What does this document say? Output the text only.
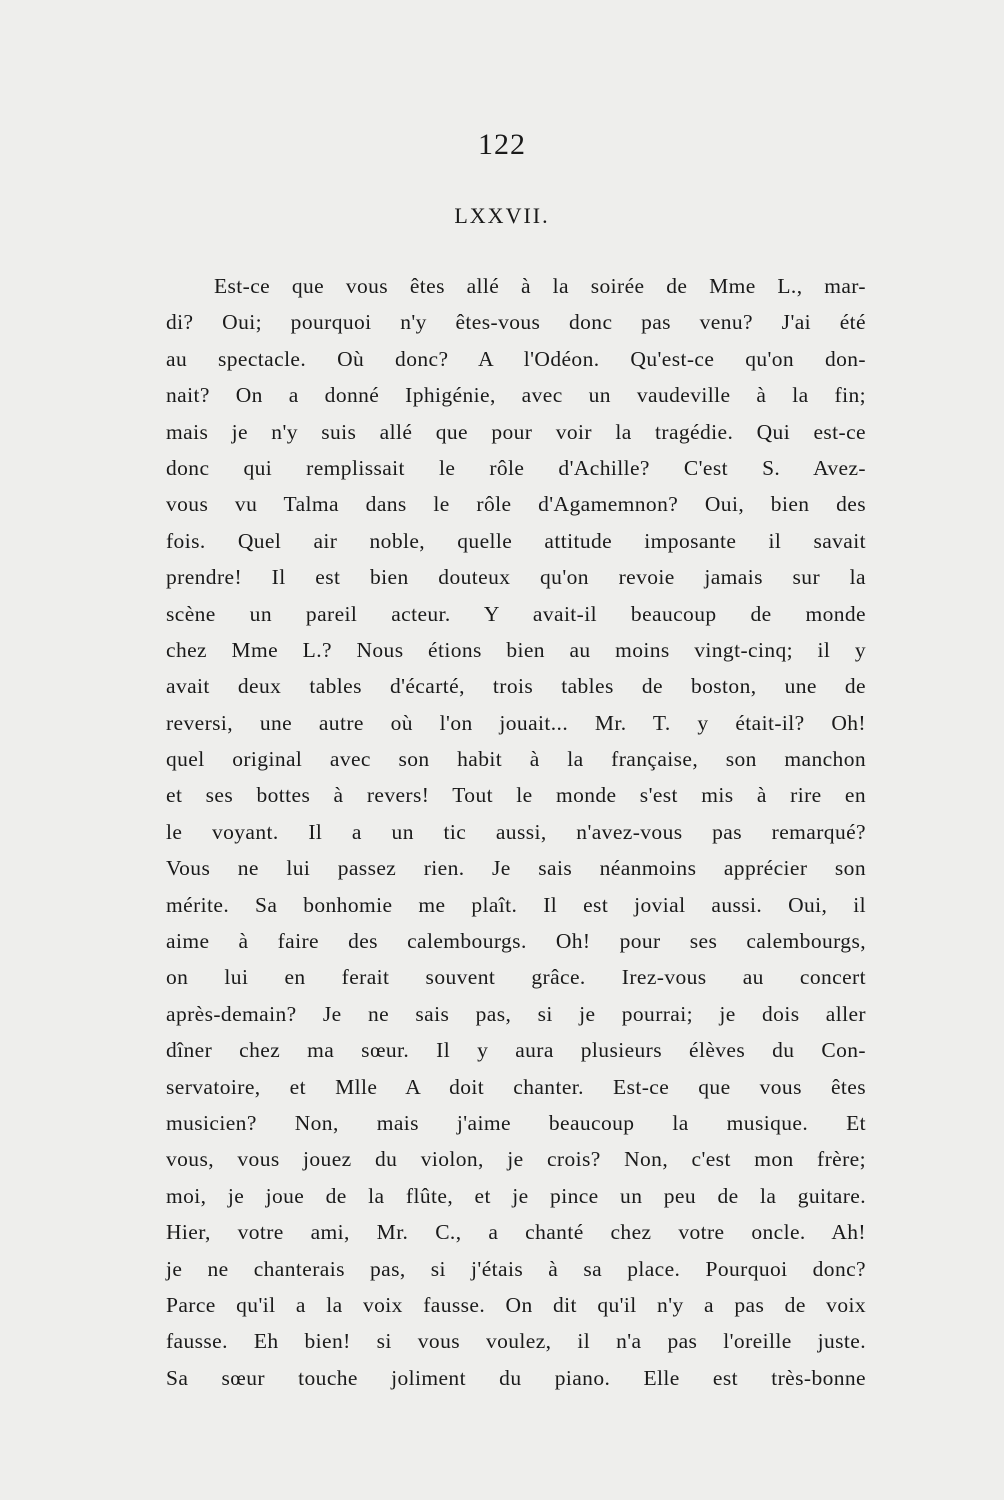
122
LXXVII.
Est-ce que vous êtes allé à la soirée de Mme L., mar-
di? Oui; pourquoi n'y êtes-vous donc pas venu? J'ai été
au spectacle. Où donc? A l'Odéon. Qu'est-ce qu'on don-
nait? On a donné Iphigénie, avec un vaudeville à la fin;
mais je n'y suis allé que pour voir la tragédie. Qui est-ce
donc qui remplissait le rôle d'Achille? C'est S. Avez-
vous vu Talma dans le rôle d'Agamemnon? Oui, bien des
fois. Quel air noble, quelle attitude imposante il savait
prendre! Il est bien douteux qu'on revoie jamais sur la
scène un pareil acteur. Y avait-il beaucoup de monde
chez Mme L.? Nous étions bien au moins vingt-cinq; il y
avait deux tables d'écarté, trois tables de boston, une de
reversi, une autre où l'on jouait... Mr. T. y était-il? Oh!
quel original avec son habit à la française, son manchon
et ses bottes à revers! Tout le monde s'est mis à rire en
le voyant. Il a un tic aussi, n'avez-vous pas remarqué?
Vous ne lui passez rien. Je sais néanmoins apprécier son
mérite. Sa bonhomie me plaît. Il est jovial aussi. Oui, il
aime à faire des calembourgs. Oh! pour ses calembourgs,
on lui en ferait souvent grâce. Irez-vous au concert
après-demain? Je ne sais pas, si je pourrai; je dois aller
dîner chez ma sœur. Il y aura plusieurs élèves du Con-
servatoire, et Mlle A doit chanter. Est-ce que vous êtes
musicien? Non, mais j'aime beaucoup la musique. Et
vous, vous jouez du violon, je crois? Non, c'est mon frère;
moi, je joue de la flûte, et je pince un peu de la guitare.
Hier, votre ami, Mr. C., a chanté chez votre oncle. Ah!
je ne chanterais pas, si j'étais à sa place. Pourquoi donc?
Parce qu'il a la voix fausse. On dit qu'il n'y a pas de voix
fausse. Eh bien! si vous voulez, il n'a pas l'oreille juste.
Sa sœur touche joliment du piano. Elle est très-bonne
